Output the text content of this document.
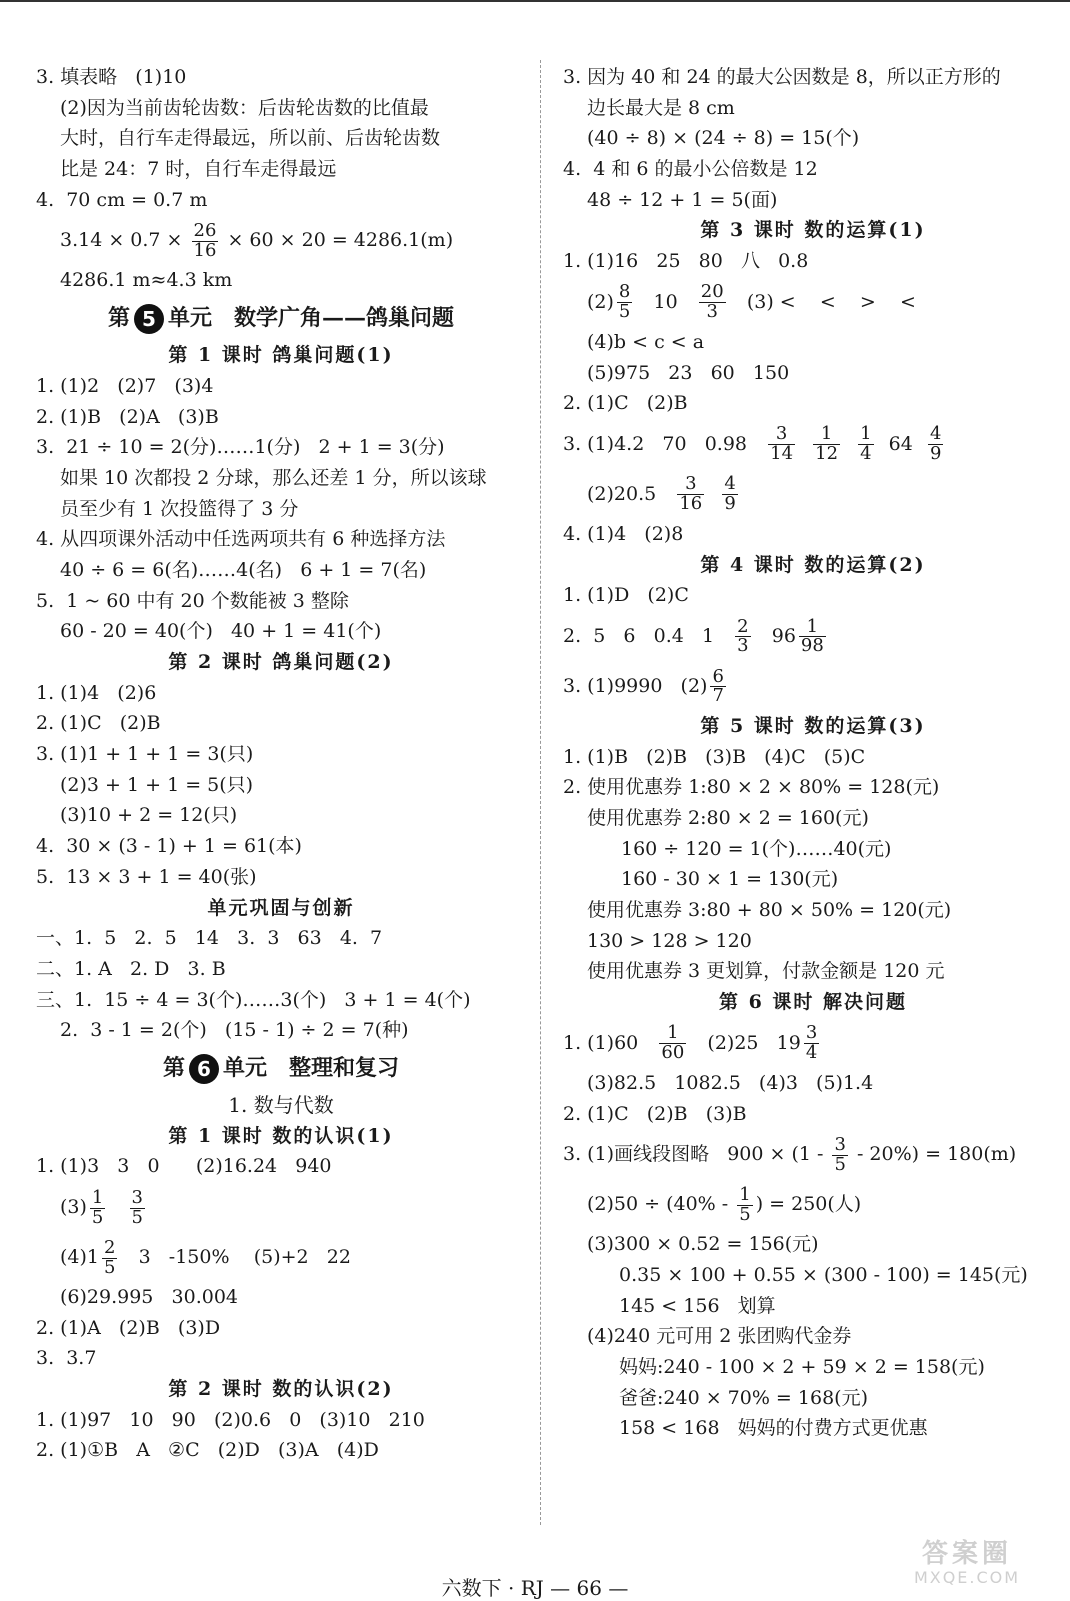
3. 填表略   (1)10
(2)因为当前齿轮齿数：后齿轮齿数的比值最
大时，自行车走得最远，所以前、后齿轮齿数
比是 24：7 时，自行车走得最远
4.  70 cm = 0.7 m
$3.14 \times 0.7 \times \frac{26}{16} \times 60 \times 20 = 4286.1(m)$
4286.1 m≈4.3 km
第 5 单元  数学广角——鸽巢问题
第 1 课时 鸽巢问题(1)
1. (1)2   (2)7   (3)4
2. (1)B   (2)A   (3)B
3.  21 ÷ 10 = 2(分)……1(分)   2 + 1 = 3(分)
如果 10 次都投 2 分球，那么还差 1 分，所以该球
员至少有 1 次投篮得了 3 分
4. 从四项课外活动中任选两项共有 6 种选择方法
40 ÷ 6 = 6(名)……4(名)   6 + 1 = 7(名)
5.  1 ~ 60 中有 20 个数能被 3 整除
60 - 20 = 40(个)   40 + 1 = 41(个)
第 2 课时 鸽巢问题(2)
1. (1)4   (2)6
2. (1)C   (2)B
3. (1)1 + 1 + 1 = 3(只)
(2)3 + 1 + 1 = 5(只)
(3)10 + 2 = 12(只)
4.  30 × (3 - 1) + 1 = 61(本)
5.  13 × 3 + 1 = 40(张)
单元巩固与创新
一、1.  5   2.  5   14   3.  3   63   4.  7
二、1. A   2. D   3. B
三、1.  15 ÷ 4 = 3(个)……3(个)   3 + 1 = 4(个)
2.  3 - 1 = 2(个)   (15 - 1) ÷ 2 = 7(种)
第 6 单元  整理和复习
1. 数与代数
第 1 课时 数的认识(1)
1. (1)3   3   0      (2)16.24   940
$(3) \frac{1}{5}$
$\frac{3}{5}$
$(4)1 \frac{2}{5} 3$   -150%    (5)+2   22
(6)29.995   30.004
2. (1)A   (2)B   (3)D
3.  3.7
第 2 课时 数的认识(2)
1. (1)97   10   90   (2)0.6   0   (3)10   210
2. (1)①B   A   ②C   (2)D   (3)A   (4)D
3. 因为 40 和 24 的最大公因数是 8，所以正方形的
边长最大是 8 cm
(40 ÷ 8) × (24 ÷ 8) = 15(个)
4.  4 和 6 的最小公倍数是 12
48 ÷ 12 + 1 = 5(面)
第 3 课时 数的运算(1)
1. (1)16   25   80   八   0.8
$(2) \frac{8}{5} 10 \frac{20}{3} (3)$ <    <    >    <
(4)b < c < a
(5)975   23   60   150
2. (1)C   (2)B
3. (1)4.2   70   $0.98 \frac{3}{14}$
$\frac{1}{12}$
$\frac{1}{4} 64 \frac{4}{9}$
$(2)20.5 \frac{3}{16}$
$\frac{4}{9}$
4. (1)4   (2)8
第 4 课时 数的运算(2)
1. (1)D   (2)C
2.  5   6   0.4   $1 \frac{2}{3} 96 \frac{1}{98}$
3. (1)9990   $(2) \frac{6}{7}$
第 5 课时 数的运算(3)
1. (1)B   (2)B   (3)B   (4)C   (5)C
2. 使用优惠券 1:80 × 2 × 80% = 128(元)
使用优惠券 2:80 × 2 = 160(元)
160 ÷ 120 = 1(个)……40(元)
160 - 30 × 1 = 130(元)
使用优惠券 3:80 + 80 × 50% = 120(元)
130 > 128 > 120
使用优惠券 3 更划算，付款金额是 120 元
第 6 课时 解决问题
1. $(1)60 \frac{1}{60} (2)25$   $19 \frac{3}{4}$
(3)82.5   1082.5   (4)3   (5)1.4
2. (1)C   (2)B   (3)B
3. (1)画线段图略   $900 \times (1 - \frac{3}{5} - 20\%) = 180(m)$
$(2)50 \div (40\% - \frac{1}{5}$ ) = 250(人)
(3)300 × 0.52 = 156(元)
0.35 × 100 + 0.55 × (300 - 100) = 145(元)
145 < 156   划算
(4)240 元可用 2 张团购代金券
妈妈:240 - 100 × 2 + 59 × 2 = 158(元)
爸爸:240 × 70% = 168(元)
158 < 168   妈妈的付费方式更优惠
六数下 · RJ — 66 —
答案圈
MXQE.COM
